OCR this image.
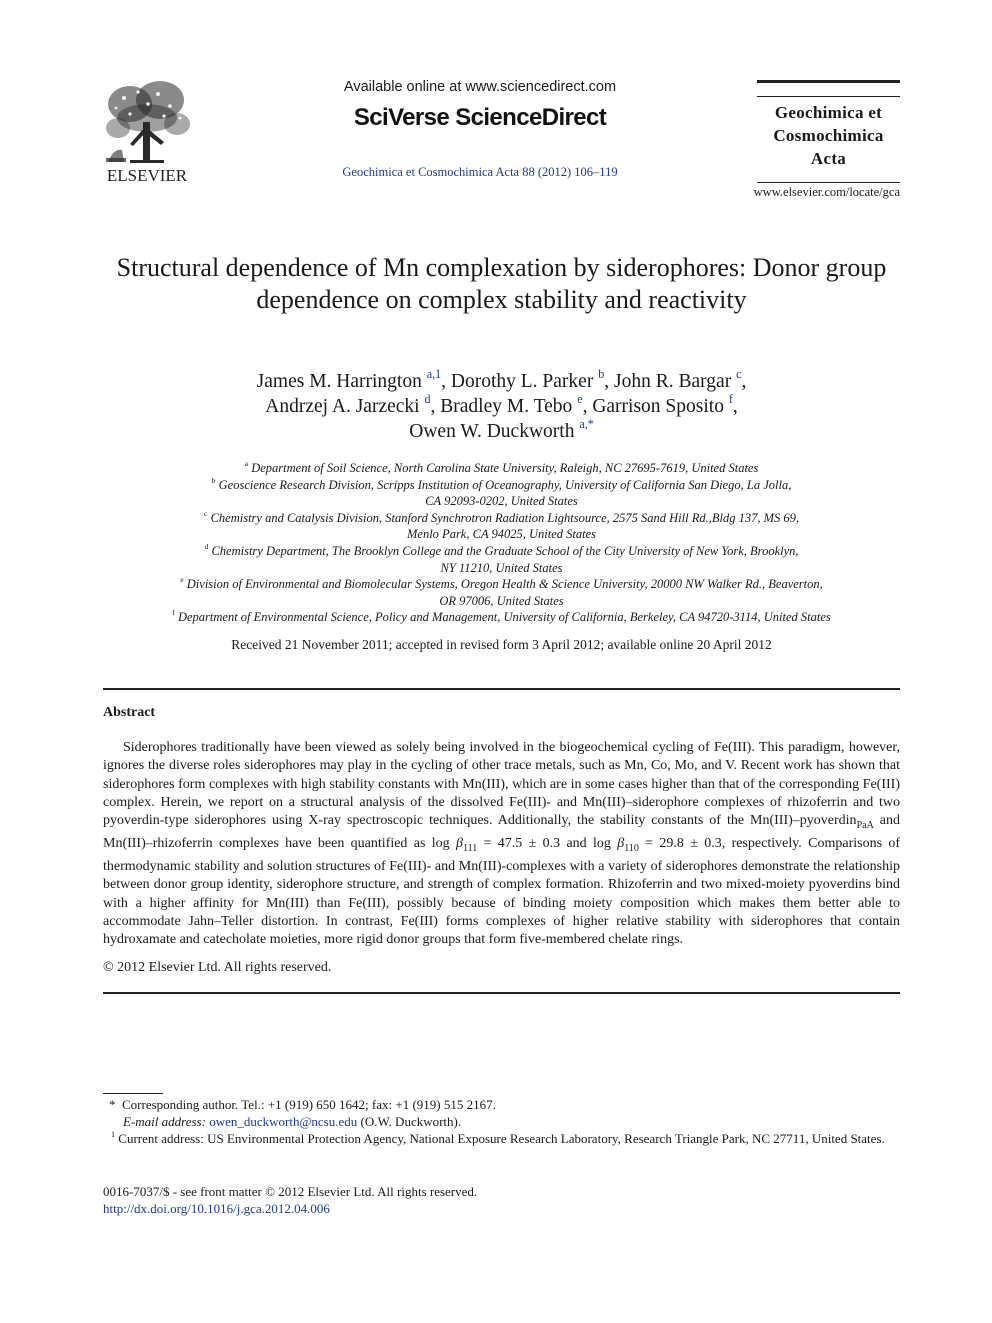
ELSEVIER
Available online at www.sciencedirect.com
SciVerse ScienceDirect
Geochimica et Cosmochimica Acta 88 (2012) 106–119
Geochimica et
Cosmochimica
Acta
www.elsevier.com/locate/gca
Structural dependence of Mn complexation by siderophores: Donor group dependence on complex stability and reactivity
James M. Harrington $^{a,1}$, Dorothy L. Parker $^b$, John R. Bargar $^c$,
Andrzej A. Jarzecki $^d$, Bradley M. Tebo $^e$, Garrison Sposito $^f$,
Owen W. Duckworth $^{a,*}$
$^a$ Department of Soil Science, North Carolina State University, Raleigh, NC 27695-7619, United States
$^b$ Geoscience Research Division, Scripps Institution of Oceanography, University of California San Diego, La Jolla,
CA 92093-0202, United States
$^c$ Chemistry and Catalysis Division, Stanford Synchrotron Radiation Lightsource, 2575 Sand Hill Rd.,Bldg 137, MS 69,
Menlo Park, CA 94025, United States
$^d$ Chemistry Department, The Brooklyn College and the Graduate School of the City University of New York, Brooklyn,
NY 11210, United States
$^e$ Division of Environmental and Biomolecular Systems, Oregon Health & Science University, 20000 NW Walker Rd., Beaverton,
OR 97006, United States
$^f$ Department of Environmental Science, Policy and Management, University of California, Berkeley, CA 94720-3114, United States
Received 21 November 2011; accepted in revised form 3 April 2012; available online 20 April 2012
Abstract

Siderophores traditionally have been viewed as solely being involved in the biogeochemical cycling of Fe(III). This paradigm, however, ignores the diverse roles siderophores may play in the cycling of other trace metals, such as Mn, Co, Mo, and V. Recent work has shown that siderophores form complexes with high stability constants with Mn(III), which are in some cases higher than that of the corresponding Fe(III) complex. Herein, we report on a structural analysis of the dissolved Fe(III)- and Mn(III)–siderophore complexes of rhizoferrin and two pyoverdin-type siderophores using X-ray spectroscopic techniques. Additionally, the stability constants of the Mn(III)–pyoverdin$_{PaA}$ and Mn(III)–rhizoferrin complexes have been quantified as $\log \beta_{111} = 47.5 \pm 0.3$ and $\log \beta_{110} = 29.8 \pm 0.3$, respectively. Comparisons of thermodynamic stability and solution structures of Fe(III)- and Mn(III)-complexes with a variety of siderophores demonstrate the relationship between donor group identity, siderophore structure, and strength of complex formation. Rhizoferrin and two mixed-moiety pyoverdins bind with a higher affinity for Mn(III) than Fe(III), possibly because of binding moiety composition which makes them better able to accommodate Jahn–Teller distortion. In contrast, Fe(III) forms complexes of higher relative stability with siderophores that contain hydroxamate and catecholate moieties, more rigid donor groups that form five-membered chelate rings.

© 2012 Elsevier Ltd. All rights reserved.
* Corresponding author. Tel.: +1 (919) 650 1642; fax: +1 (919) 515 2167.
E-mail address: owen_duckworth@ncsu.edu (O.W. Duckworth).
$^1$ Current address: US Environmental Protection Agency, National Exposure Research Laboratory, Research Triangle Park, NC 27711, United States.
0016-7037/$ - see front matter © 2012 Elsevier Ltd. All rights reserved.
http://dx.doi.org/10.1016/j.gca.2012.04.006
